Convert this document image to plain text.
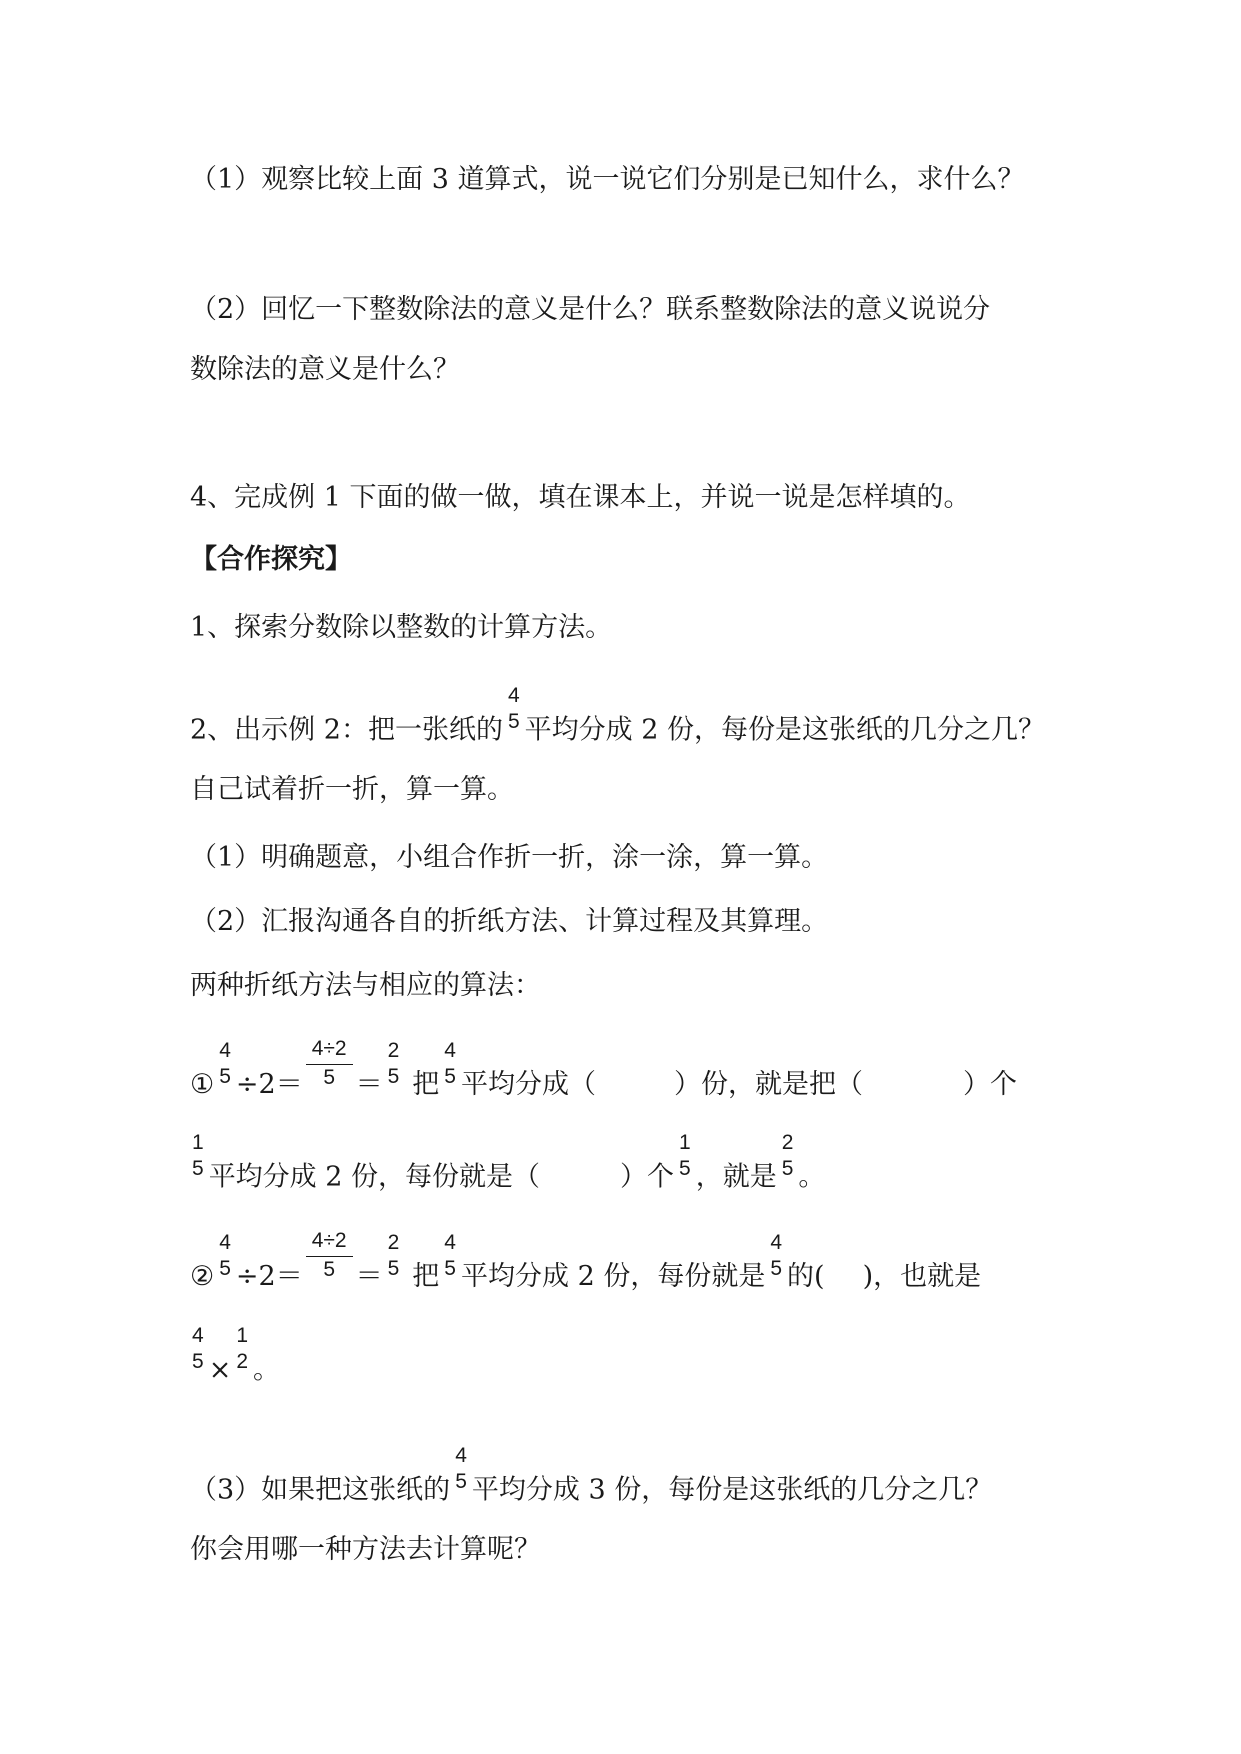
（1）观察比较上面 3 道算式，说一说它们分别是已知什么，求什么？
（2）回忆一下整数除法的意义是什么？联系整数除法的意义说说分
数除法的意义是什么？
4、完成例 1 下面的做一做，填在课本上，并说一说是怎样填的。
【合作探究】
1、探索分数除以整数的计算方法。
2、出示例 2：把一张纸的
4
5 平均分成 2 份，每份是这张纸的几分之几？
自己试着折一折，算一算。
（1）明确题意，小组合作折一折，涂一涂，算一算。
（2）汇报沟通各自的折纸方法、计算过程及其算理。
两种折纸方法与相应的算法：
①
4
$5 \div 2= \frac{4\div 2}{5}$ ＝
2
5 把
4
5 平均分成（	）份，就是把（	）个
1
5 平均分成 2 份，每份就是（	）个
1
5 ，就是
2
5 。
②
4
$5 \div 2= \frac{4\div 2}{5}$ ＝
2
5 把
4
5 平均分成 2 份，每份就是
4
5 的( )，也就是
4
5 ×
1
2 。
（3）如果把这张纸的
4
5 平均分成 3 份，每份是这张纸的几分之几？
你会用哪一种方法去计算呢？
